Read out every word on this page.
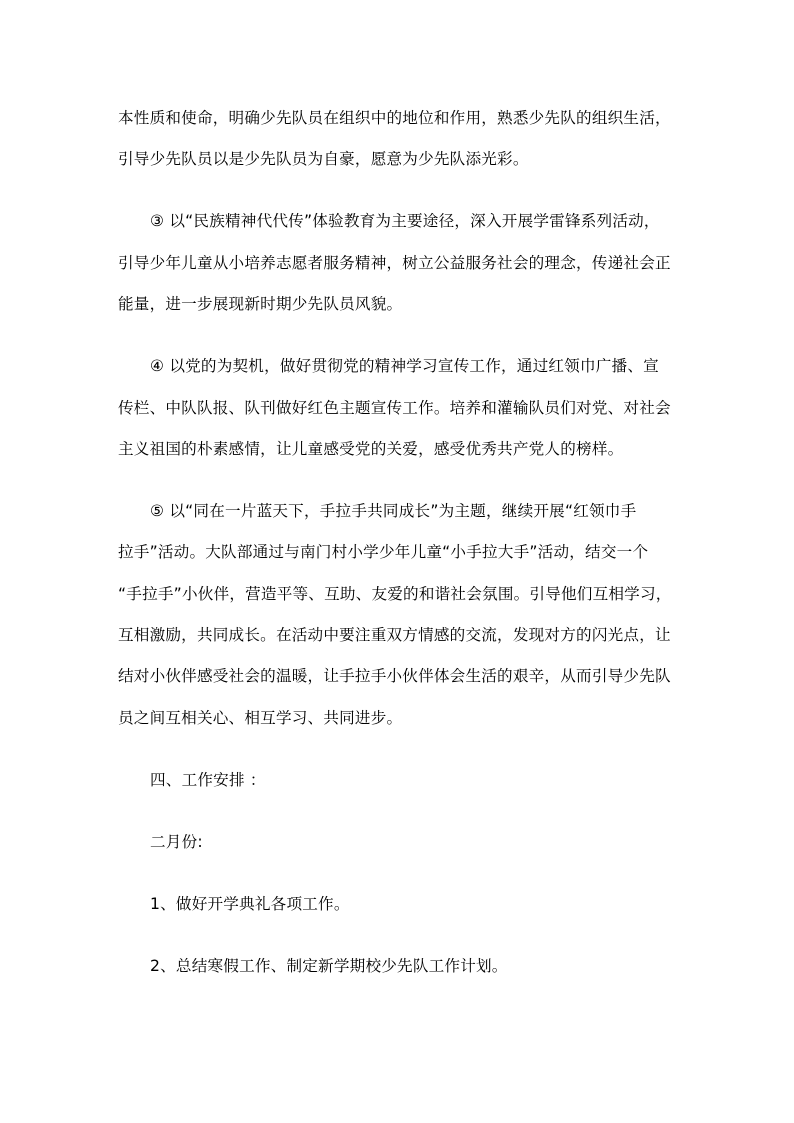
本性质和使命，明确少先队员在组织中的地位和作用，熟悉少先队的组织生活，
引导少先队员以是少先队员为自豪，愿意为少先队添光彩。
③ 以“民族精神代代传”体验教育为主要途径，深入开展学雷锋系列活动，
引导少年儿童从小培养志愿者服务精神，树立公益服务社会的理念，传递社会正
能量，进一步展现新时期少先队员风貌。
④ 以党的为契机，做好贯彻党的精神学习宣传工作，通过红领巾广播、宣
传栏、中队队报、队刊做好红色主题宣传工作。培养和灌输队员们对党、对社会
主义祖国的朴素感情，让儿童感受党的关爱，感受优秀共产党人的榜样。
⑤ 以“同在一片蓝天下，手拉手共同成长”为主题，继续开展“红领巾手
拉手”活动。大队部通过与南门村小学少年儿童“小手拉大手”活动，结交一个
“手拉手”小伙伴，营造平等、互助、友爱的和谐社会氛围。引导他们互相学习，
互相激励，共同成长。在活动中要注重双方情感的交流，发现对方的闪光点，让
结对小伙伴感受社会的温暖，让手拉手小伙伴体会生活的艰辛，从而引导少先队
员之间互相关心、相互学习、共同进步。
四、工作安排 ：
二月份:
1、做好开学典礼各项工作。
2、总结寒假工作、制定新学期校少先队工作计划。
